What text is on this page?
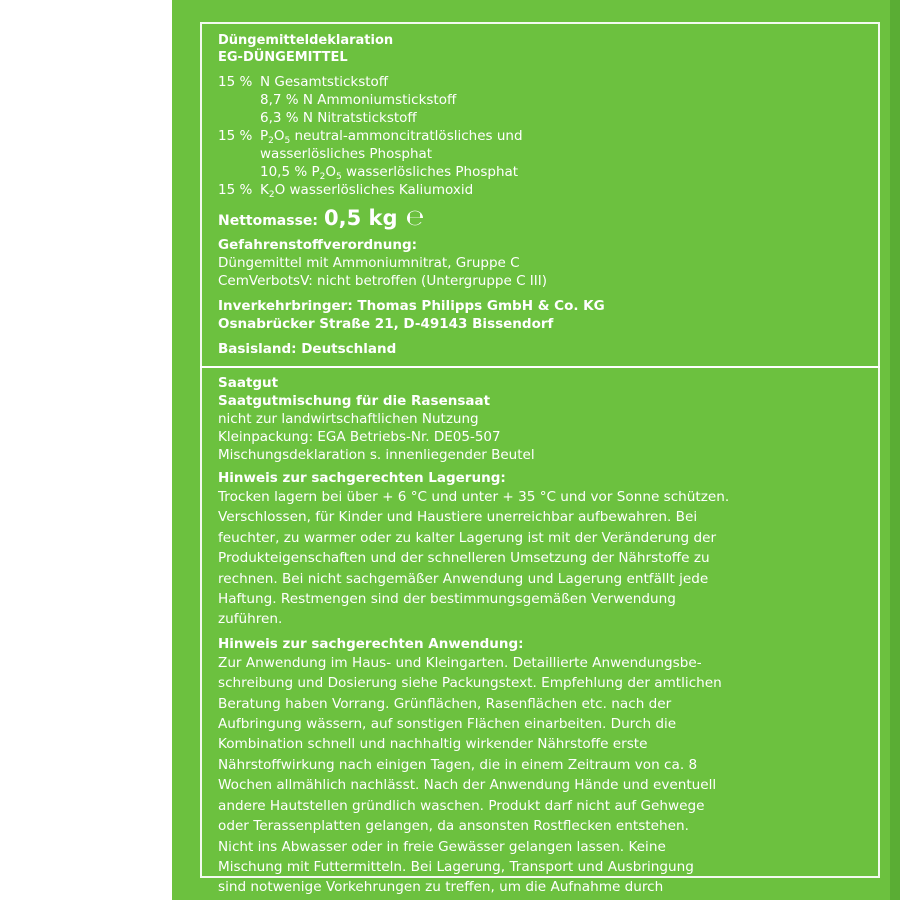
Düngemitteldeklaration

EG-DÜNGEMITTEL

15 % N Gesamtstickstoff
8,7 % N Ammoniumstickstoff
6,3 % N Nitratstickstoff
15 % $P_2O_5$ neutral-ammoncitratlösliches und
wasserlösliches Phosphat
10,5 % $P_2O_5$ wasserlösliches Phosphat
15 % $K_2O$ wasserlösliches Kaliumoxid
Nettomasse: 0,5 kg ℮

Gefahrenstoffverordnung:

Düngemittel mit Ammoniumnitrat, Gruppe C

CemVerbotsV: nicht betroffen (Untergruppe C III)

Inverkehrbringer: Thomas Philipps GmbH & Co. KG

Osnabrücker Straße 21, D-49143 Bissendorf

Basisland: Deutschland

Saatgut

Saatgutmischung für die Rasensaat

nicht zur landwirtschaftlichen Nutzung

Kleinpackung: EGA Betriebs-Nr. DE05-507

Mischungsdeklaration s. innenliegender Beutel

Hinweis zur sachgerechten Lagerung:

Trocken lagern bei über + 6 °C und unter + 35 °C und vor Sonne schützen.

Verschlossen, für Kinder und Haustiere unerreichbar aufbewahren. Bei

feuchter, zu warmer oder zu kalter Lagerung ist mit der Veränderung der

Produkteigenschaften und der schnelleren Umsetzung der Nährstoffe zu

rechnen. Bei nicht sachgemäßer Anwendung und Lagerung entfällt jede

Haftung. Restmengen sind der bestimmungsgemäßen Verwendung

zuführen.

Hinweis zur sachgerechten Anwendung:

Zur Anwendung im Haus- und Kleingarten. Detaillierte Anwendungsbe-

schreibung und Dosierung siehe Packungstext. Empfehlung der amtlichen

Beratung haben Vorrang. Grünflächen, Rasenflächen etc. nach der

Aufbringung wässern, auf sonstigen Flächen einarbeiten. Durch die

Kombination schnell und nachhaltig wirkender Nährstoffe erste

Nährstoffwirkung nach einigen Tagen, die in einem Zeitraum von ca. 8

Wochen allmählich nachlässt. Nach der Anwendung Hände und eventuell

andere Hautstellen gründlich waschen. Produkt darf nicht auf Gehwege

oder Terassenplatten gelangen, da ansonsten Rostflecken entstehen.

Nicht ins Abwasser oder in freie Gewässer gelangen lassen. Keine

Mischung mit Futtermitteln. Bei Lagerung, Transport und Ausbringung

sind notwenige Vorkehrungen zu treffen, um die Aufnahme durch

Nutztiere zu vermeiden.
